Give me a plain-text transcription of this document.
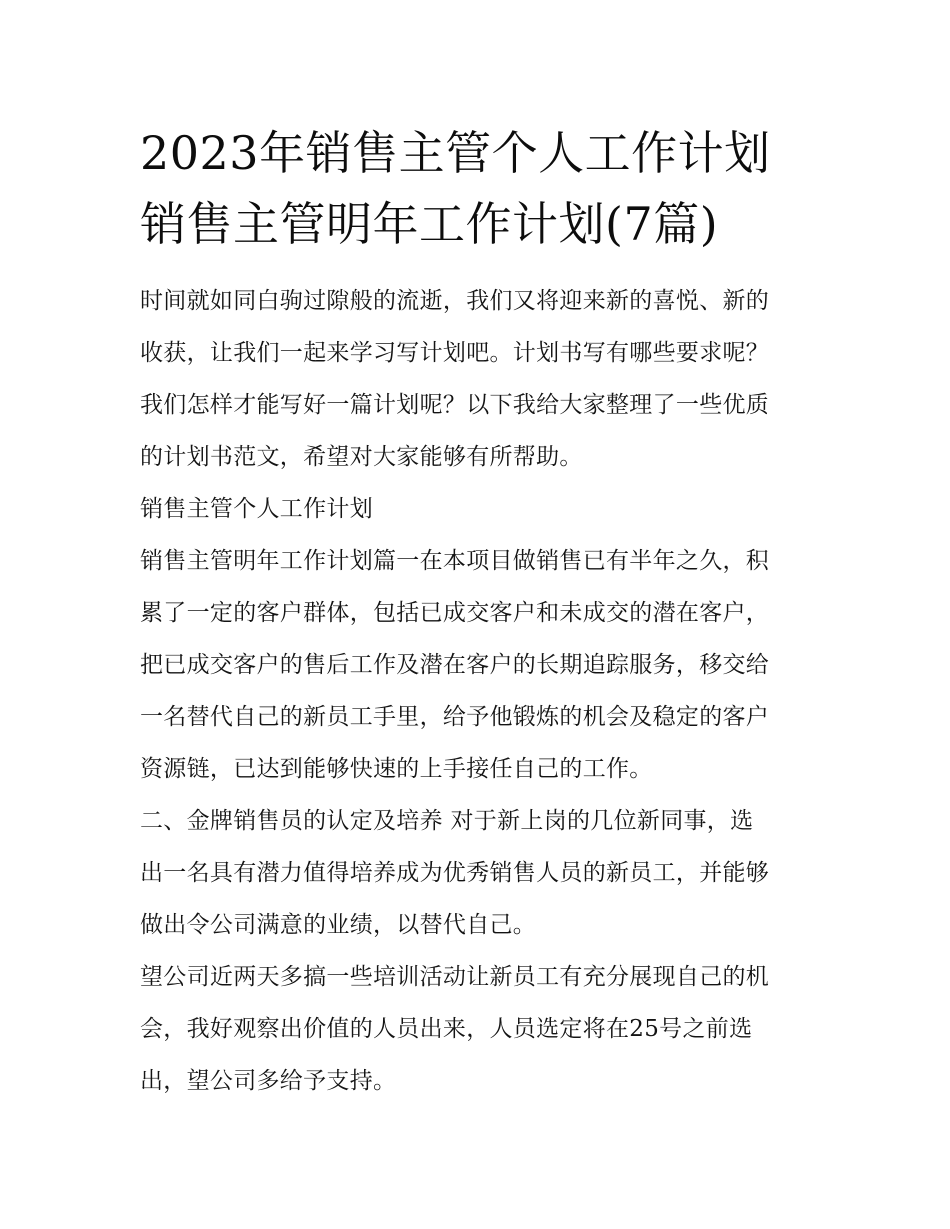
2023年销售主管个人工作计划
销售主管明年工作计划(7篇)

时间就如同白驹过隙般的流逝，我们又将迎来新的喜悦、新的
收获，让我们一起来学习写计划吧。计划书写有哪些要求呢？
我们怎样才能写好一篇计划呢？以下我给大家整理了一些优质
的计划书范文，希望对大家能够有所帮助。

销售主管个人工作计划

销售主管明年工作计划篇一在本项目做销售已有半年之久，积
累了一定的客户群体，包括已成交客户和未成交的潜在客户，
把已成交客户的售后工作及潜在客户的长期追踪服务，移交给
一名替代自己的新员工手里，给予他锻炼的机会及稳定的客户
资源链，已达到能够快速的上手接任自己的工作。

二、金牌销售员的认定及培养 对于新上岗的几位新同事，选
出一名具有潜力值得培养成为优秀销售人员的新员工，并能够
做出令公司满意的业绩，以替代自己。

望公司近两天多搞一些培训活动让新员工有充分展现自己的机
会，我好观察出价值的人员出来，人员选定将在25号之前选
出，望公司多给予支持。
